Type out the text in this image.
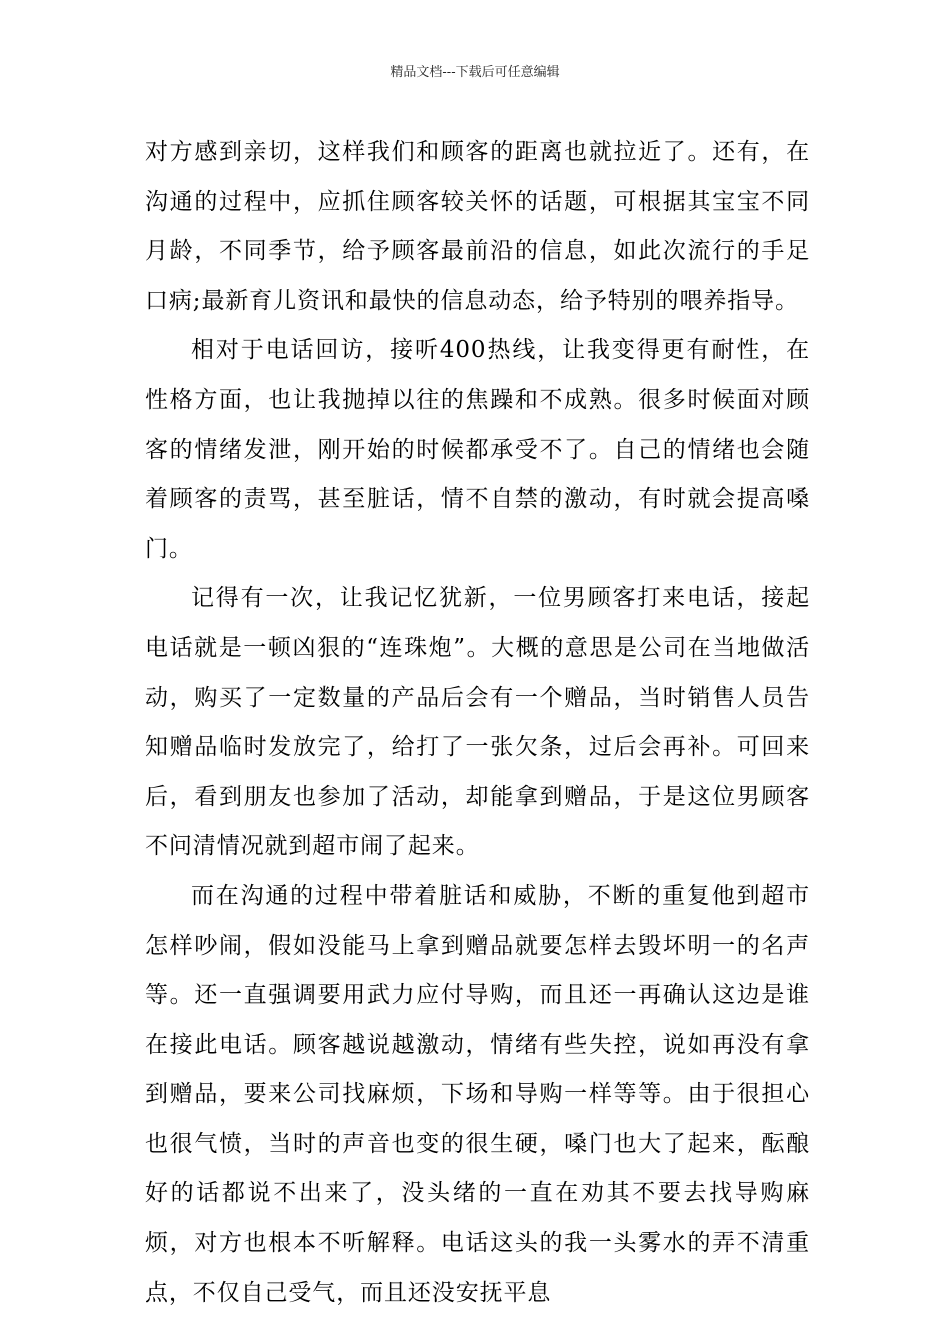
精品文档---下载后可任意编辑

对方感到亲切，这样我们和顾客的距离也就拉近了。还有，在沟通的过程中，应抓住顾客较关怀的话题，可根据其宝宝不同月龄，不同季节，给予顾客最前沿的信息，如此次流行的手足口病;最新育儿资讯和最快的信息动态，给予特别的喂养指导。

相对于电话回访，接听400热线，让我变得更有耐性，在性格方面，也让我抛掉以往的焦躁和不成熟。很多时候面对顾客的情绪发泄，刚开始的时候都承受不了。自己的情绪也会随着顾客的责骂，甚至脏话，情不自禁的激动，有时就会提高嗓门。

记得有一次，让我记忆犹新，一位男顾客打来电话，接起电话就是一顿凶狠的“连珠炮”。大概的意思是公司在当地做活动，购买了一定数量的产品后会有一个赠品，当时销售人员告知赠品临时发放完了，给打了一张欠条，过后会再补。可回来后，看到朋友也参加了活动，却能拿到赠品，于是这位男顾客不问清情况就到超市闹了起来。

而在沟通的过程中带着脏话和威胁，不断的重复他到超市怎样吵闹，假如没能马上拿到赠品就要怎样去毁坏明一的名声等。还一直强调要用武力应付导购，而且还一再确认这边是谁在接此电话。顾客越说越激动，情绪有些失控，说如再没有拿到赠品，要来公司找麻烦，下场和导购一样等等。由于很担心也很气愤，当时的声音也变的很生硬，嗓门也大了起来，酝酿好的话都说不出来了，没头绪的一直在劝其不要去找导购麻烦，对方也根本不听解释。电话这头的我一头雾水的弄不清重点，不仅自己受气，而且还没安抚平息
